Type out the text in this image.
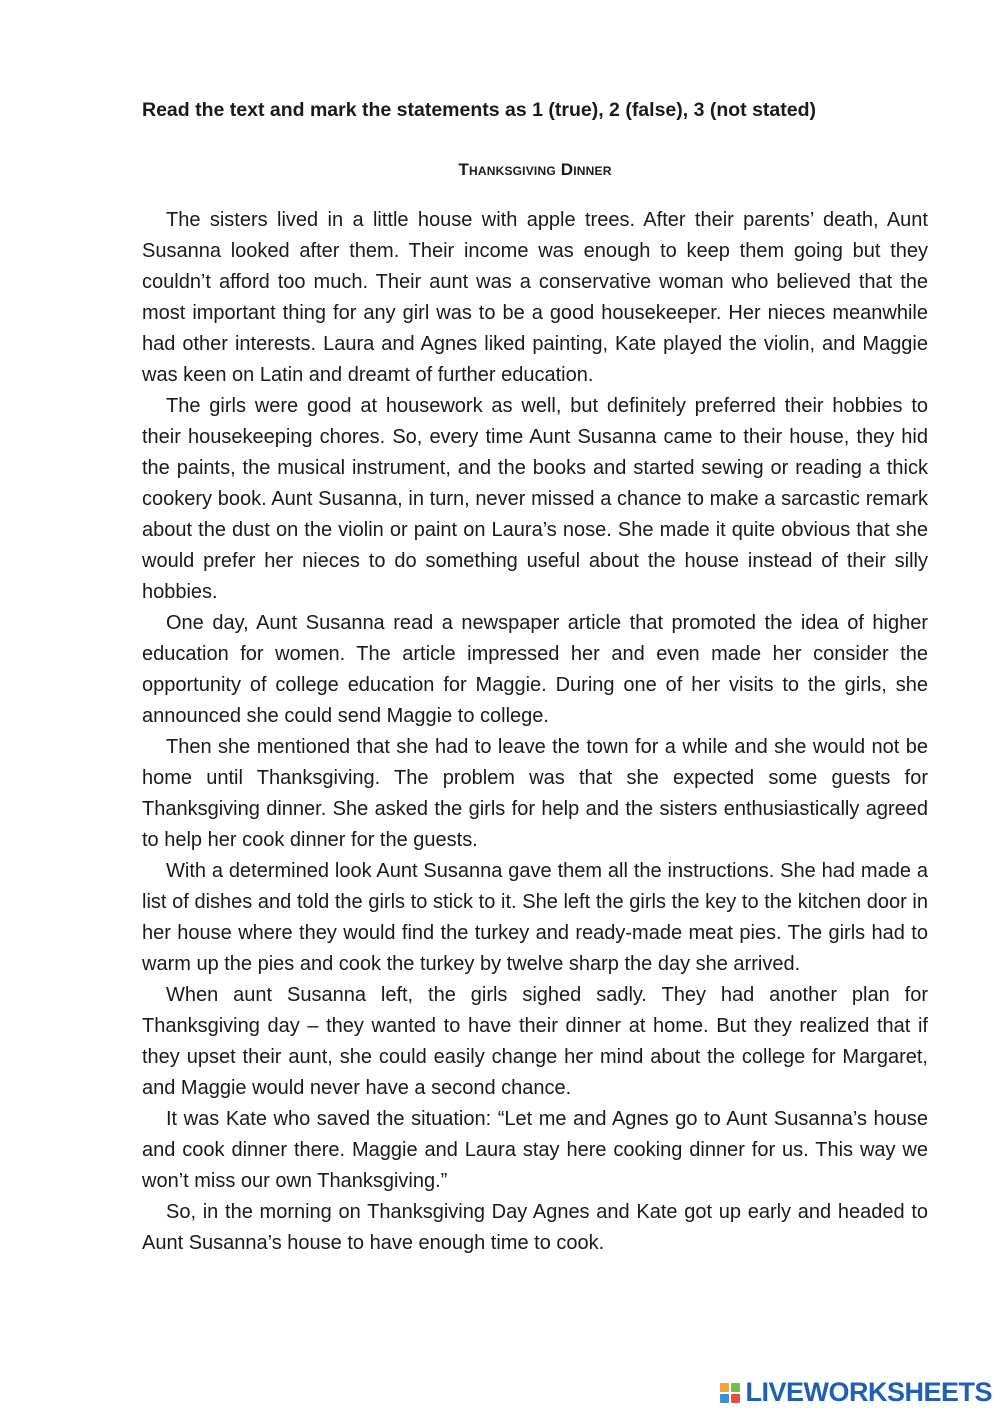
Read the text and mark the statements as 1 (true), 2 (false), 3 (not stated)

Thanksgiving Dinner

The sisters lived in a little house with apple trees. After their parents’ death, Aunt Susanna looked after them. Their income was enough to keep them going but they couldn’t afford too much. Their aunt was a conservative woman who believed that the most important thing for any girl was to be a good housekeeper. Her nieces meanwhile had other interests. Laura and Agnes liked painting, Kate played the violin, and Maggie was keen on Latin and dreamt of further education.

The girls were good at housework as well, but definitely preferred their hobbies to their housekeeping chores. So, every time Aunt Susanna came to their house, they hid the paints, the musical instrument, and the books and started sewing or reading a thick cookery book. Aunt Susanna, in turn, never missed a chance to make a sarcastic remark about the dust on the violin or paint on Laura’s nose. She made it quite obvious that she would prefer her nieces to do something useful about the house instead of their silly hobbies.

One day, Aunt Susanna read a newspaper article that promoted the idea of higher education for women. The article impressed her and even made her consider the opportunity of college education for Maggie. During one of her visits to the girls, she announced she could send Maggie to college.

Then she mentioned that she had to leave the town for a while and she would not be home until Thanksgiving. The problem was that she expected some guests for Thanksgiving dinner. She asked the girls for help and the sisters enthusiastically agreed to help her cook dinner for the guests.

With a determined look Aunt Susanna gave them all the instructions. She had made a list of dishes and told the girls to stick to it. She left the girls the key to the kitchen door in her house where they would find the turkey and ready-made meat pies. The girls had to warm up the pies and cook the turkey by twelve sharp the day she arrived.

When aunt Susanna left, the girls sighed sadly. They had another plan for Thanksgiving day – they wanted to have their dinner at home. But they realized that if they upset their aunt, she could easily change her mind about the college for Margaret, and Maggie would never have a second chance.

It was Kate who saved the situation: “Let me and Agnes go to Aunt Susanna’s house and cook dinner there. Maggie and Laura stay here cooking dinner for us. This way we won’t miss our own Thanksgiving.”

So, in the morning on Thanksgiving Day Agnes and Kate got up early and headed to Aunt Susanna’s house to have enough time to cook.

LIVEWORKSHEETS
